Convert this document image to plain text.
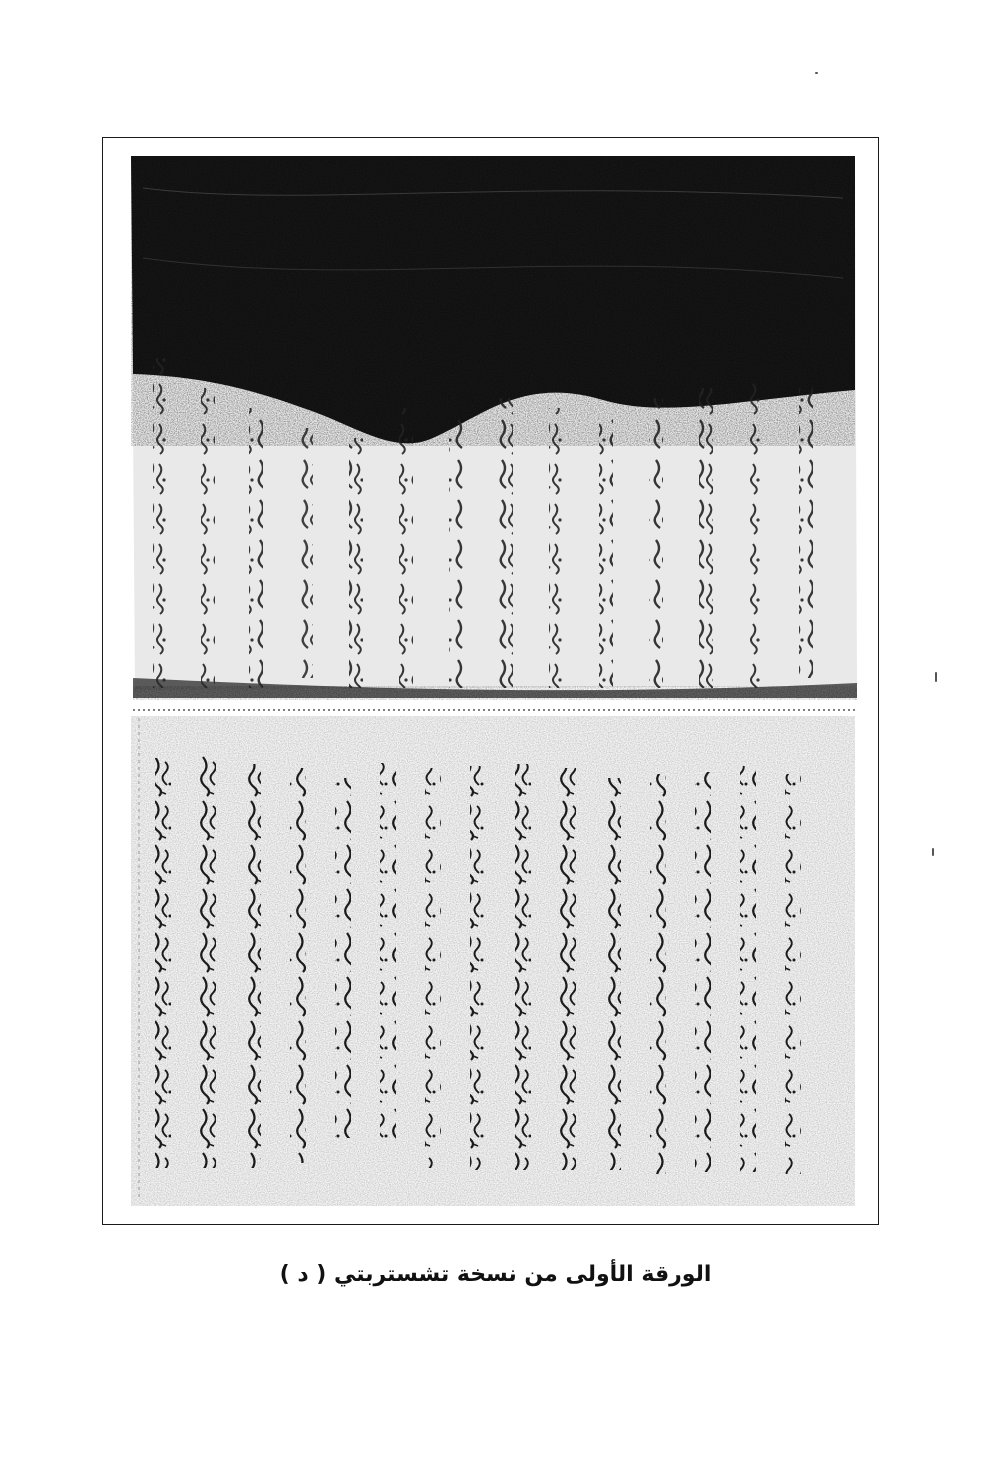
الورقة الأولى من نسخة تشستربتي ( د )
